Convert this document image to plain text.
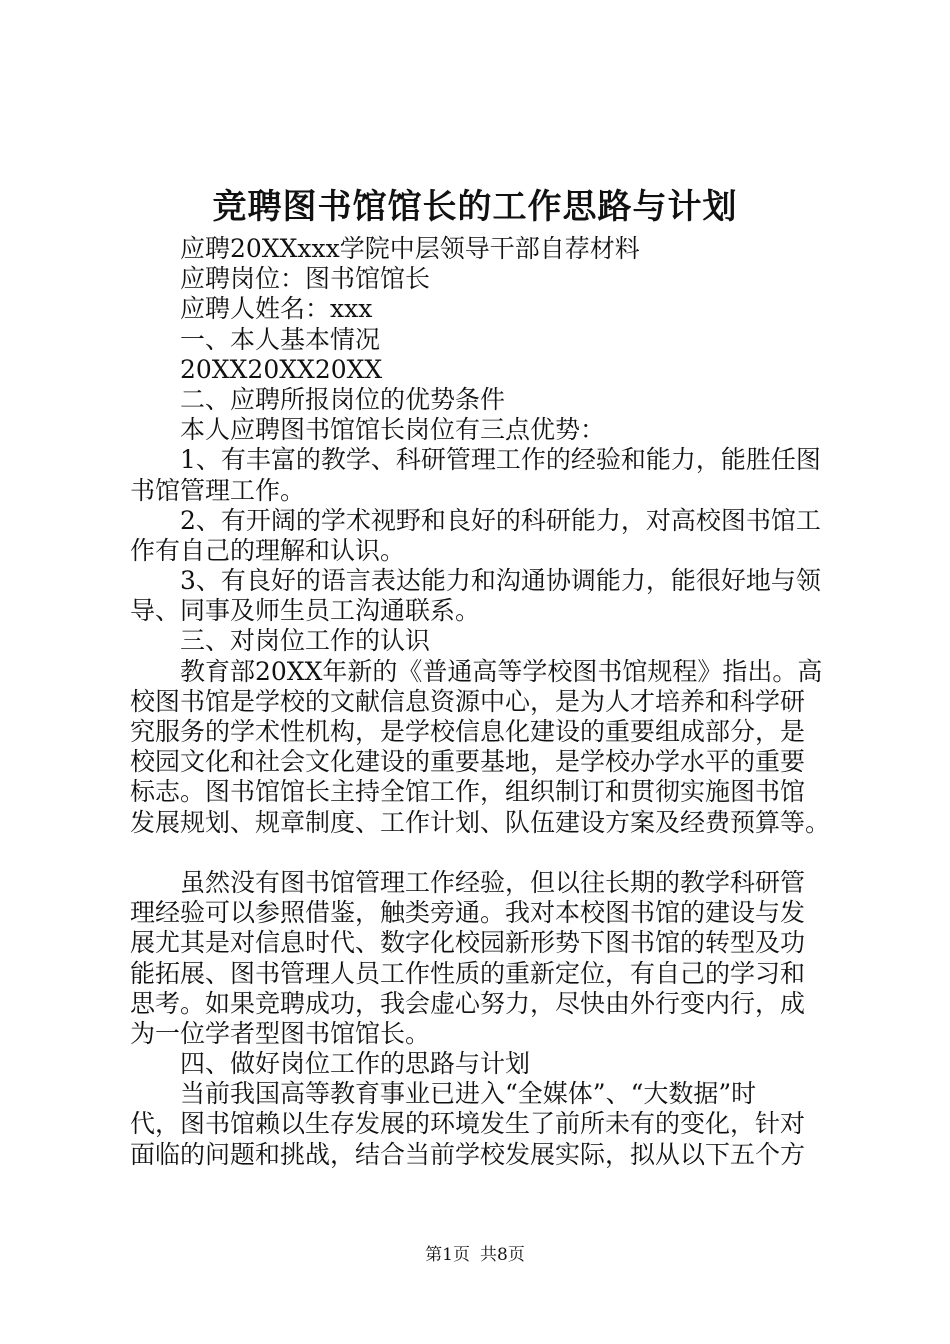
竞聘图书馆馆长的工作思路与计划
应聘20XXxxx学院中层领导干部自荐材料
应聘岗位：图书馆馆长
应聘人姓名：xxx
一、本人基本情况
20XX20XX20XX
二、应聘所报岗位的优势条件
本人应聘图书馆馆长岗位有三点优势：
1、有丰富的教学、科研管理工作的经验和能力，能胜任图
书馆管理工作。
2、有开阔的学术视野和良好的科研能力，对高校图书馆工
作有自己的理解和认识。
3、有良好的语言表达能力和沟通协调能力，能很好地与领
导、同事及师生员工沟通联系。
三、对岗位工作的认识
教育部20XX年新的《普通高等学校图书馆规程》指出。高
校图书馆是学校的文献信息资源中心，是为人才培养和科学研
究服务的学术性机构，是学校信息化建设的重要组成部分，是
校园文化和社会文化建设的重要基地，是学校办学水平的重要
标志。图书馆馆长主持全馆工作，组织制订和贯彻实施图书馆
发展规划、规章制度、工作计划、队伍建设方案及经费预算等。
虽然没有图书馆管理工作经验，但以往长期的教学科研管
理经验可以参照借鉴，触类旁通。我对本校图书馆的建设与发
展尤其是对信息时代、数字化校园新形势下图书馆的转型及功
能拓展、图书管理人员工作性质的重新定位，有自己的学习和
思考。如果竞聘成功，我会虚心努力，尽快由外行变内行，成
为一位学者型图书馆馆长。
四、做好岗位工作的思路与计划
当前我国高等教育事业已进入“全媒体”、“大数据”时
代，图书馆赖以生存发展的环境发生了前所未有的变化，针对
面临的问题和挑战，结合当前学校发展实际，拟从以下五个方
第1页 共8页
